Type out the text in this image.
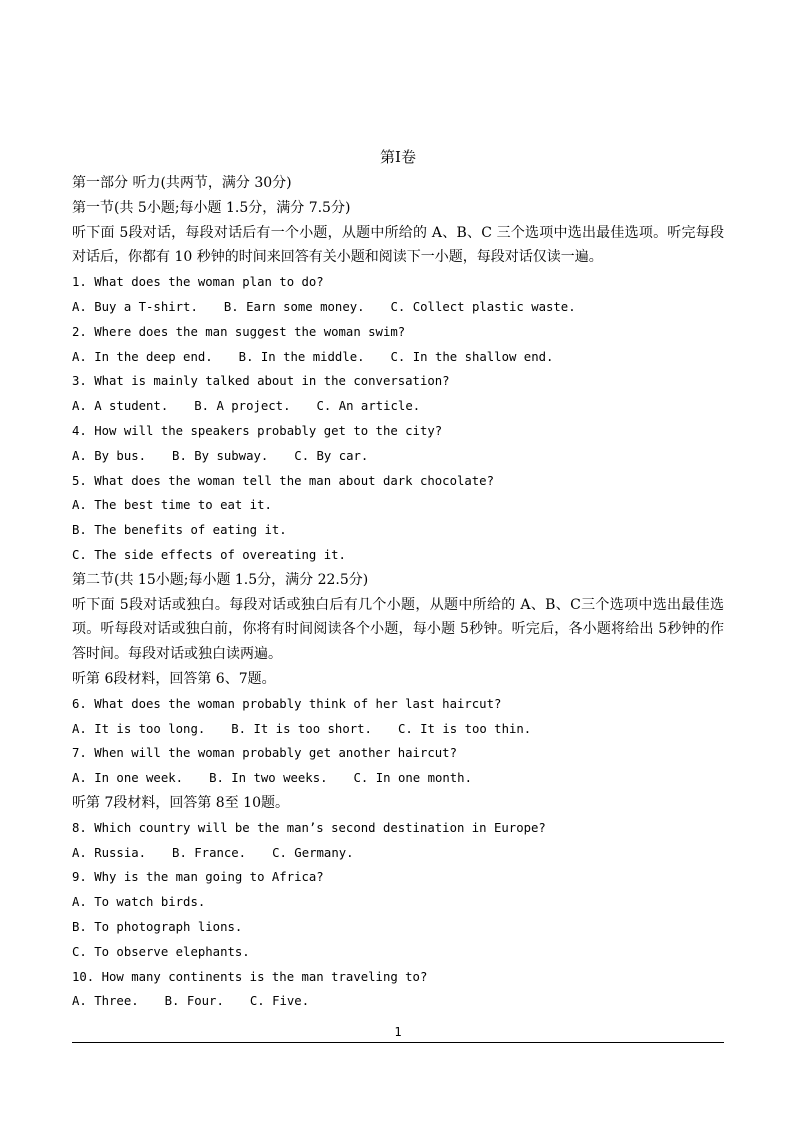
第Ⅰ卷
第一部分 听力(共两节，满分 30分)
第一节(共 5小题;每小题 1.5分，满分 7.5分)
听下面 5段对话，每段对话后有一个小题，从题中所给的 A、B、C 三个选项中选出最佳选项。听完每段对话后，你都有 10 秒钟的时间来回答有关小题和阅读下一小题，每段对话仅读一遍。
1. What does the woman plan to do?
A. Buy a T-shirt. B. Earn some money. C. Collect plastic waste.
2. Where does the man suggest the woman swim?
A. In the deep end. B. In the middle. C. In the shallow end.
3. What is mainly talked about in the conversation?
A. A student. B. A project. C. An article.
4. How will the speakers probably get to the city?
A. By bus. B. By subway. C. By car.
5. What does the woman tell the man about dark chocolate?
A. The best time to eat it.
B. The benefits of eating it.
C. The side effects of overeating it.
第二节(共 15小题;每小题 1.5分，满分 22.5分)
听下面 5段对话或独白。每段对话或独白后有几个小题，从题中所给的 A、B、C三个选项中选出最佳选项。听每段对话或独白前，你将有时间阅读各个小题，每小题 5秒钟。听完后，各小题将给出 5秒钟的作答时间。每段对话或独白读两遍。
听第 6段材料，回答第 6、7题。
6. What does the woman probably think of her last haircut?
A. It is too long. B. It is too short. C. It is too thin.
7. When will the woman probably get another haircut?
A. In one week. B. In two weeks. C. In one month.
听第 7段材料，回答第 8至 10题。
8. Which country will be the man’s second destination in Europe?
A. Russia. B. France. C. Germany.
9. Why is the man going to Africa?
A. To watch birds.
B. To photograph lions.
C. To observe elephants.
10. How many continents is the man traveling to?
A. Three. B. Four. C. Five.
1
